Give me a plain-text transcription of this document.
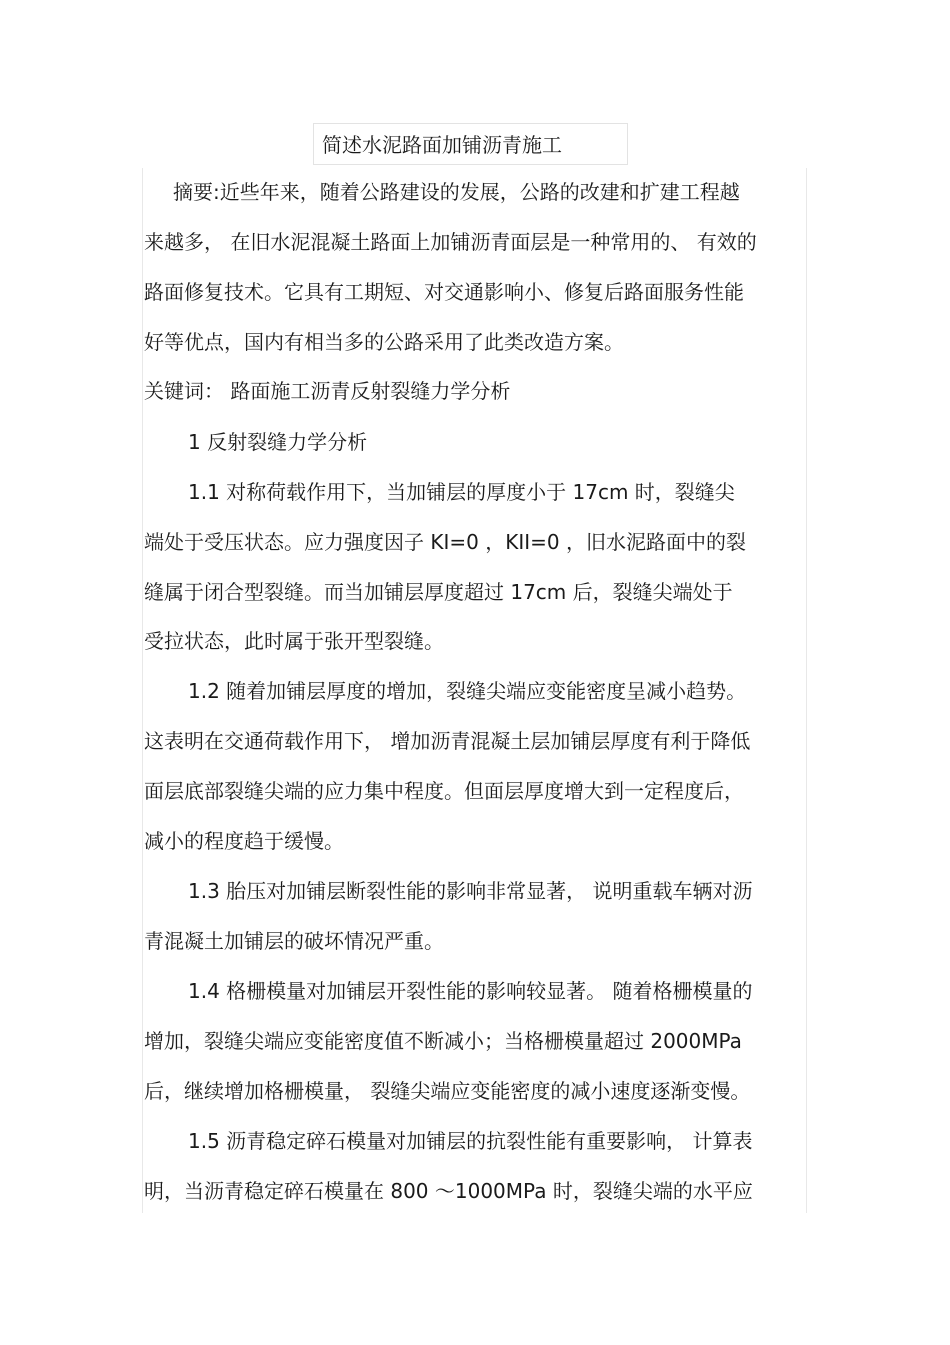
简述水泥路面加铺沥青施工
摘要:近些年来，随着公路建设的发展，公路的改建和扩建工程越
来越多， 在旧水泥混凝土路面上加铺沥青面层是一种常用的、 有效的
路面修复技术。它具有工期短、对交通影响小、修复后路面服务性能
好等优点，国内有相当多的公路采用了此类改造方案。
关键词： 路面施工沥青反射裂缝力学分析
1 反射裂缝力学分析
1.1 对称荷载作用下，当加铺层的厚度小于 17cm 时，裂缝尖
端处于受压状态。应力强度因子 KI=0 ，KII=0 ，旧水泥路面中的裂
缝属于闭合型裂缝。而当加铺层厚度超过 17cm 后，裂缝尖端处于
受拉状态，此时属于张开型裂缝。
1.2 随着加铺层厚度的增加，裂缝尖端应变能密度呈减小趋势。
这表明在交通荷载作用下， 增加沥青混凝土层加铺层厚度有利于降低
面层底部裂缝尖端的应力集中程度。但面层厚度增大到一定程度后，
减小的程度趋于缓慢。
1.3 胎压对加铺层断裂性能的影响非常显著， 说明重载车辆对沥
青混凝土加铺层的破坏情况严重。
1.4 格栅模量对加铺层开裂性能的影响较显著。 随着格栅模量的
增加，裂缝尖端应变能密度值不断减小；当格栅模量超过 2000MPa
后，继续增加格栅模量， 裂缝尖端应变能密度的减小速度逐渐变慢。
1.5 沥青稳定碎石模量对加铺层的抗裂性能有重要影响， 计算表
明，当沥青稳定碎石模量在 800 ～1000MPa 时，裂缝尖端的水平应
